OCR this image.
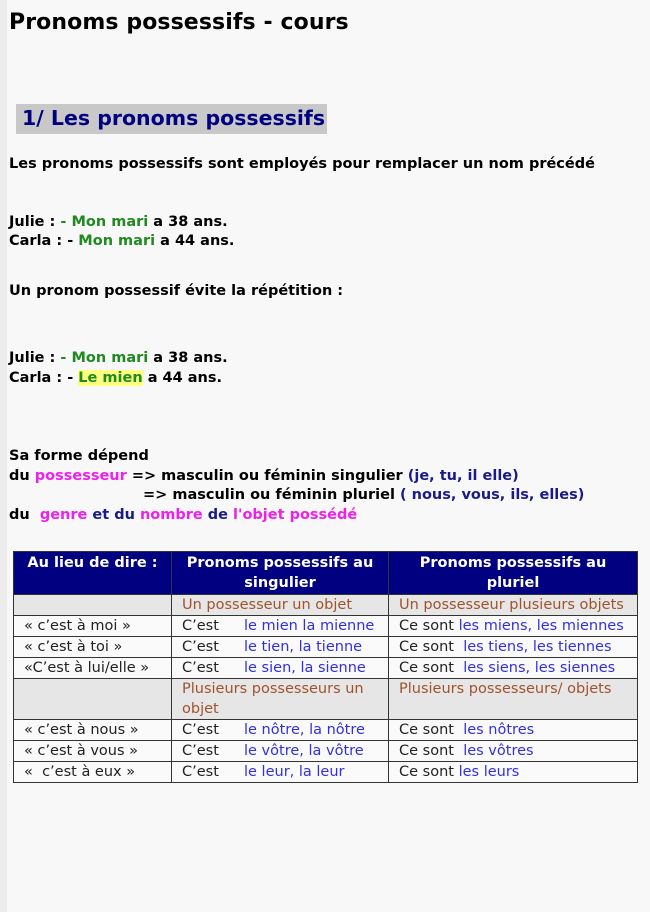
Pronoms possessifs - cours
1/ Les pronoms possessifs
Les pronoms possessifs sont employés pour remplacer un nom précédé
Julie : - Mon mari a 38 ans.
Carla : - Mon mari a 44 ans.
Un pronom possessif évite la répétition :
Julie : - Mon mari a 38 ans.
Carla : - Le mien a 44 ans.
Sa forme dépend
du possesseur => masculin ou féminin singulier (je, tu, il elle)
=> masculin ou féminin pluriel ( nous, vous, ils, elles)
du  genre et du nombre de l'objet possédé
Au lieu de dire :	Pronoms possessifs au singulier	Pronoms possessifs au pluriel
	Un possesseur un objet	Un possesseur plusieurs objets
« c’est à moi »	C’est le mien la mienne	Ce sont les miens, les miennes
« c’est à toi »	C’est le tien, la tienne	Ce sont  les tiens, les tiennes
«C’est à lui/elle »	C’est le sien, la sienne	Ce sont  les siens, les siennes
	Plusieurs possesseurs un objet	Plusieurs possesseurs/ objets
« c’est à nous »	C’est le nôtre, la nôtre	Ce sont  les nôtres
« c’est à vous »	C’est le vôtre, la vôtre	Ce sont  les vôtres
«  c’est à eux »	C’est le leur, la leur	Ce sont les leurs
